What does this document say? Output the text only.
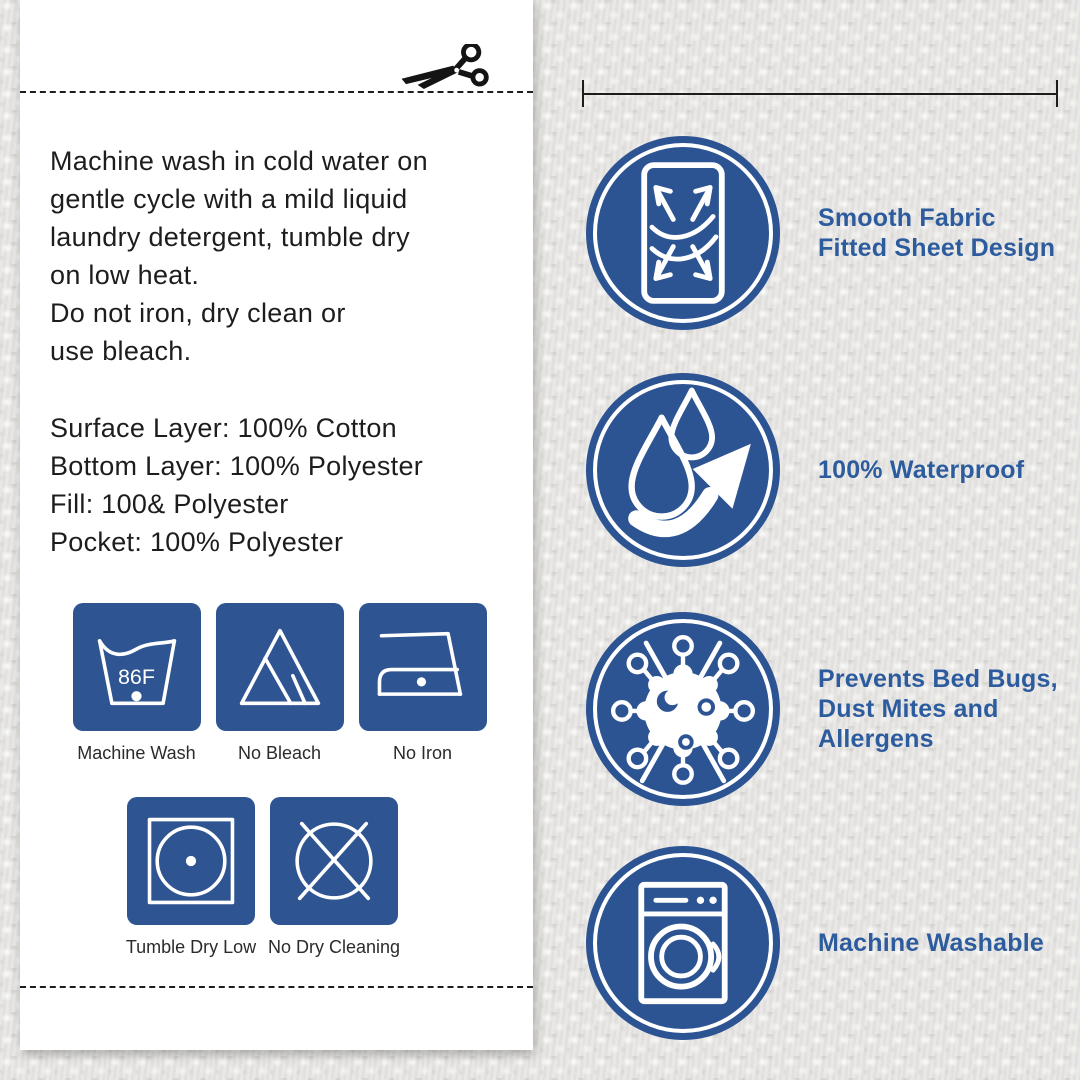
Machine wash in cold water on
gentle cycle with a mild liquid
laundry detergent, tumble dry
on low heat.
Do not iron, dry clean or
use bleach.
Surface Layer: 100% Cotton
Bottom Layer: 100% Polyester
Fill: 100& Polyester
Pocket: 100% Polyester
86F
Machine Wash No Bleach	No Iron
Tumble Dry Low No Dry Cleaning
Smooth Fabric
Fitted Sheet Design
100% Waterproof
Prevents Bed Bugs,
Dust Mites and
Allergens
Machine Washable
